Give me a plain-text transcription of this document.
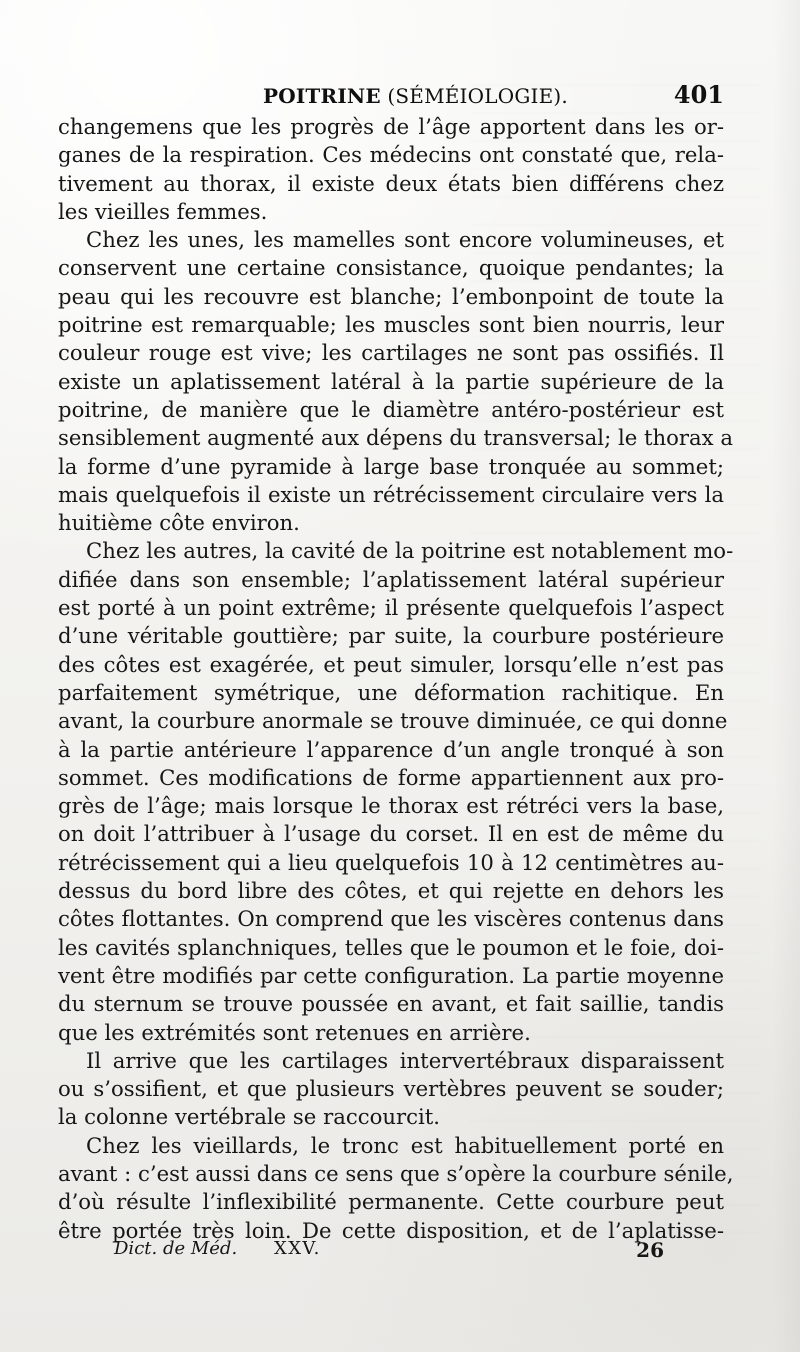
POITRINE (SÉMÉIOLOGIE).	401
changemens que les progrès de l’âge apportent dans les or-
ganes de la respiration. Ces médecins ont constaté que, rela-
tivement au thorax, il existe deux états bien différens chez
les vieilles femmes.
Chez les unes, les mamelles sont encore volumineuses, et
conservent une certaine consistance, quoique pendantes; la
peau qui les recouvre est blanche; l’embonpoint de toute la
poitrine est remarquable; les muscles sont bien nourris, leur
couleur rouge est vive; les cartilages ne sont pas ossifiés. Il
existe un aplatissement latéral à la partie supérieure de la
poitrine, de manière que le diamètre antéro-postérieur est
sensiblement augmenté aux dépens du transversal; le thorax a
la forme d’une pyramide à large base tronquée au sommet;
mais quelquefois il existe un rétrécissement circulaire vers la
huitième côte environ.
Chez les autres, la cavité de la poitrine est notablement mo-
difiée dans son ensemble; l’aplatissement latéral supérieur
est porté à un point extrême; il présente quelquefois l’aspect
d’une véritable gouttière; par suite, la courbure postérieure
des côtes est exagérée, et peut simuler, lorsqu’elle n’est pas
parfaitement symétrique, une déformation rachitique. En
avant, la courbure anormale se trouve diminuée, ce qui donne
à la partie antérieure l’apparence d’un angle tronqué à son
sommet. Ces modifications de forme appartiennent aux pro-
grès de l’âge; mais lorsque le thorax est rétréci vers la base,
on doit l’attribuer à l’usage du corset. Il en est de même du
rétrécissement qui a lieu quelquefois 10 à 12 centimètres au-
dessus du bord libre des côtes, et qui rejette en dehors les
côtes flottantes. On comprend que les viscères contenus dans
les cavités splanchniques, telles que le poumon et le foie, doi-
vent être modifiés par cette configuration. La partie moyenne
du sternum se trouve poussée en avant, et fait saillie, tandis
que les extrémités sont retenues en arrière.
Il arrive que les cartilages intervertébraux disparaissent
ou s’ossifient, et que plusieurs vertèbres peuvent se souder;
la colonne vertébrale se raccourcit.
Chez les vieillards, le tronc est habituellement porté en
avant : c’est aussi dans ce sens que s’opère la courbure sénile,
d’où résulte l’inflexibilité permanente. Cette courbure peut
être portée très loin. De cette disposition, et de l’aplatisse-
Dict. de Méd. XXV.	26
